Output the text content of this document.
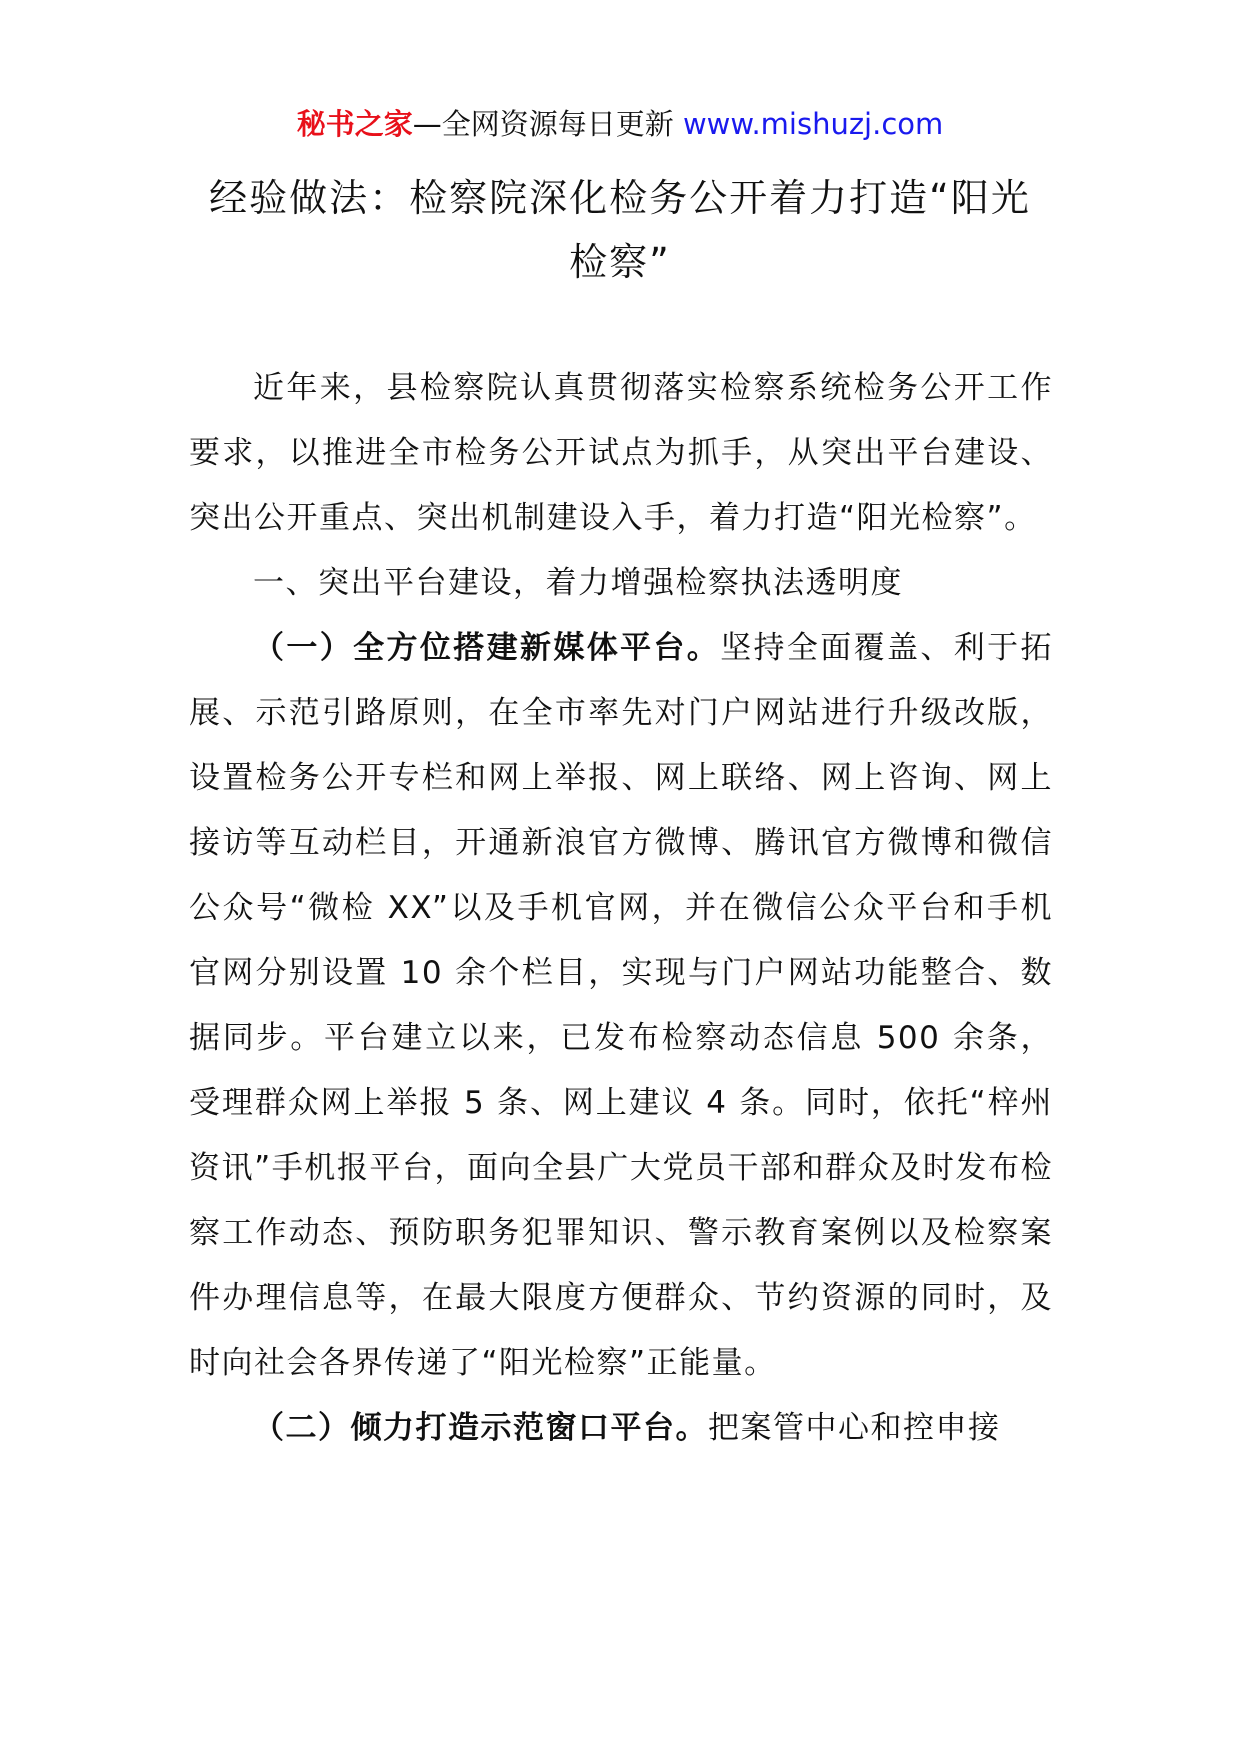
秘书之家—全网资源每日更新 www.mishuzj.com
经验做法：检察院深化检务公开着力打造“阳光检察”

近年来，县检察院认真贯彻落实检察系统检务公开工作要求，以推进全市检务公开试点为抓手，从突出平台建设、突出公开重点、突出机制建设入手，着力打造“阳光检察”。

一、突出平台建设，着力增强检察执法透明度

（一）全方位搭建新媒体平台。坚持全面覆盖、利于拓展、示范引路原则，在全市率先对门户网站进行升级改版，设置检务公开专栏和网上举报、网上联络、网上咨询、网上接访等互动栏目，开通新浪官方微博、腾讯官方微博和微信公众号“微检 XX”以及手机官网，并在微信公众平台和手机官网分别设置 10 余个栏目，实现与门户网站功能整合、数据同步。平台建立以来，已发布检察动态信息 500 余条，受理群众网上举报 5 条、网上建议 4 条。同时，依托“梓州资讯”手机报平台，面向全县广大党员干部和群众及时发布检察工作动态、预防职务犯罪知识、警示教育案例以及检察案件办理信息等，在最大限度方便群众、节约资源的同时，及时向社会各界传递了“阳光检察”正能量。

（二）倾力打造示范窗口平台。把案管中心和控申接
